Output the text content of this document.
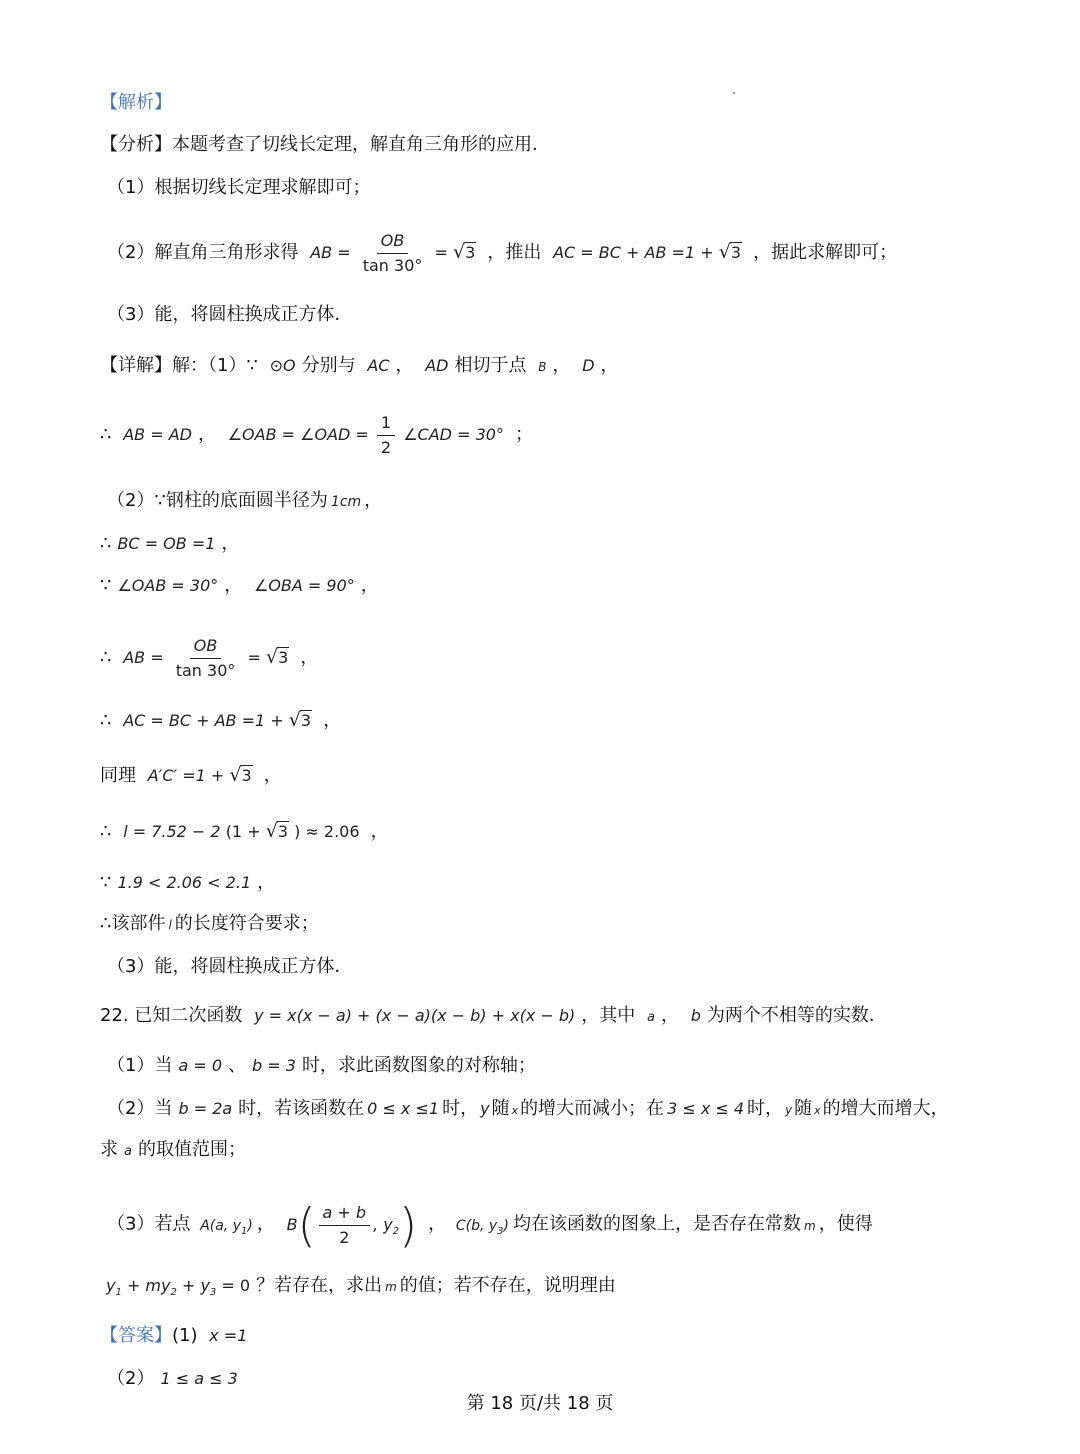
【解析】
【分析】本题考查了切线长定理，解直角三角形的应用．
（1）根据切线长定理求解即可；
（2）解直角三角形求得 AB = $\frac{OB}{\tan 30^\circ}$ = √ 3 ，推出 AC = BC + AB =1 + √ 3 ，据此求解即可；
（3）能，将圆柱换成正方体．
【详解】解：（1）∵ ⊙O 分别与 AC ， AD 相切于点 B ， D ，
∴ AB = AD ， ∠OAB = ∠OAD = $\frac{1}{2}$ ∠CAD = 30° ；
（2）∵钢柱的底面圆半径为 1cm ，
∴ BC = OB =1 ，
∵ ∠OAB = 30° ， ∠OBA = 90° ，
∴ AB = $\frac{OB}{\tan 30^\circ}$ = √ 3 ，
∴ AC = BC + AB =1 + √ 3 ，
同理 A′C′ =1 + √ 3 ，
∴ l = 7.52 − 2 (1 + √ 3 ) ≈ 2.06 ，
∵ 1.9 < 2.06 < 2.1 ，
∴该部件 l 的长度符合要求；
（3）能，将圆柱换成正方体．
22. 已知二次函数 y = x(x − a) + (x − a)(x − b) + x(x − b) ，其中 a ， b 为两个不相等的实数．
（1）当 a = 0 、 b = 3 时，求此函数图象的对称轴；
（2）当 b = 2a 时，若该函数在 0 ≤ x ≤1 时， y 随 x 的增大而减小；在 3 ≤ x ≤ 4 时， y 随 x 的增大而增大，
求 a 的取值范围；
（3）若点 A(a, $y_1$) ， $B( \frac{a + b}{2}$ , $y_2$) ， C(b, $y_3$) 均在该函数的图象上，是否存在常数 m ，使得
$y_1 + my_2 + y_3 = 0$ ？若存在，求出 m 的值；若不存在，说明理由
【答案】(1) x =1
（2） 1 ≤ a ≤ 3
第 18 页/共 18 页
